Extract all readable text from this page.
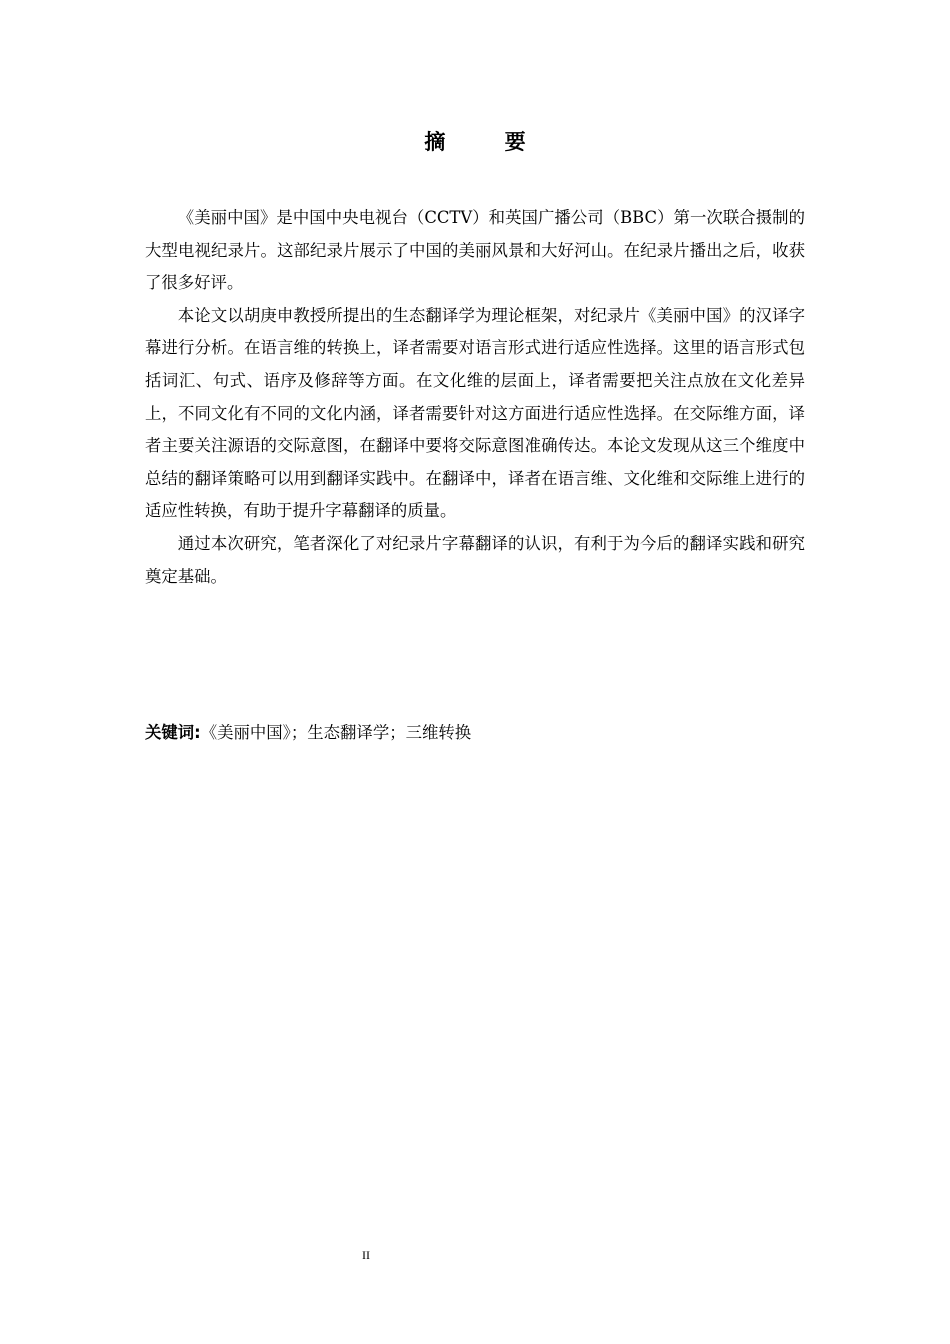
摘 要

《美丽中国》是中国中央电视台（CCTV）和英国广播公司（BBC）第一次联合摄制的大型电视纪录片。这部纪录片展示了中国的美丽风景和大好河山。在纪录片播出之后，收获了很多好评。

本论文以胡庚申教授所提出的生态翻译学为理论框架，对纪录片《美丽中国》的汉译字幕进行分析。在语言维的转换上，译者需要对语言形式进行适应性选择。这里的语言形式包括词汇、句式、语序及修辞等方面。在文化维的层面上，译者需要把关注点放在文化差异上，不同文化有不同的文化内涵，译者需要针对这方面进行适应性选择。在交际维方面，译者主要关注源语的交际意图，在翻译中要将交际意图准确传达。本论文发现从这三个维度中总结的翻译策略可以用到翻译实践中。在翻译中，译者在语言维、文化维和交际维上进行的适应性转换，有助于提升字幕翻译的质量。

通过本次研究，笔者深化了对纪录片字幕翻译的认识，有利于为今后的翻译实践和研究奠定基础。

关键词:《美丽中国》；生态翻译学；三维转换
II
